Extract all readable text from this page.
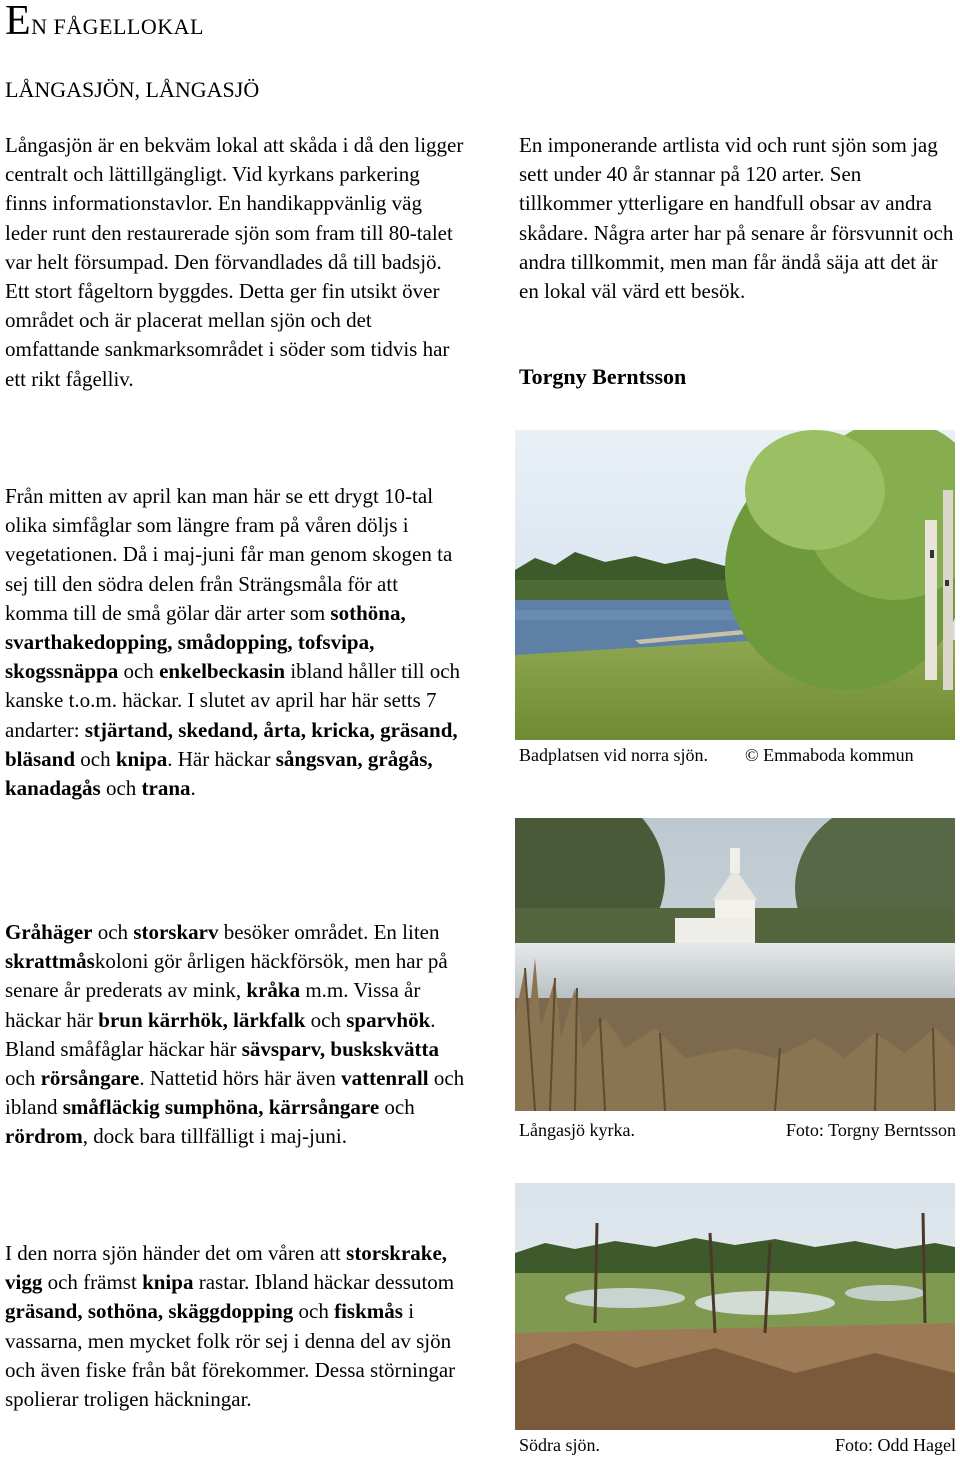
EN FÅGELLOKAL
LÅNGASJÖN, LÅNGASJÖ

Långasjön är en bekväm lokal att skåda i då den ligger centralt och lättillgängligt. Vid kyrkans parkering finns informationstavlor. En handikappvänlig väg leder runt den restaurerade sjön som fram till 80-talet var helt försumpad. Den förvandlades då till badsjö. Ett stort fågeltorn byggdes. Detta ger fin utsikt över området och är placerat mellan sjön och det omfattande sankmarksområdet i söder som tidvis har ett rikt fågelliv.

Från mitten av april kan man här se ett drygt 10-tal olika simfåglar som längre fram på våren döljs i vegetationen. Då i maj-juni får man genom skogen ta sej till den södra delen från Strängsmåla för att komma till de små gölar där arter som sothöna, svarthakedopping, smådopping, tofsvipa, skogssnäppa och enkelbeckasin ibland håller till och kanske t.o.m. häckar. I slutet av april har här setts 7 andarter: stjärtand, skedand, årta, kricka, gräsand, bläsand och knipa. Här häckar sångsvan, grågås, kanadagås och trana.

Gråhäger och storskarv besöker området. En liten skrattmåskoloni gör årligen häckförsök, men har på senare år prederats av mink, kråka m.m. Vissa år häckar här brun kärrhök, lärkfalk och sparvhök. Bland småfåglar häckar här sävsparv, buskskvätta och rörsångare. Nattetid hörs här även vattenrall och ibland småfläckig sumphöna, kärrsångare och rördrom, dock bara tillfälligt i maj-juni.

I den norra sjön händer det om våren att storskrake, vigg och främst knipa rastar. Ibland häckar dessutom gräsand, sothöna, skäggdopping och fiskmås i vassarna, men mycket folk rör sej i denna del av sjön och även fiske från båt förekommer. Dessa störningar spolierar troligen häckningar.

En imponerande artlista vid och runt sjön som jag sett under 40 år stannar på 120 arter. Sen tillkommer ytterligare en handfull obsar av andra skådare. Några arter har på senare år försvunnit och andra tillkommit, men man får ändå säja att det är en lokal väl värd ett besök.

Torgny Berntsson
Badplatsen vid norra sjön. © Emmaboda kommun
Långasjö kyrka.	Foto: Torgny Berntsson
Södra sjön.	Foto: Odd Hagel
